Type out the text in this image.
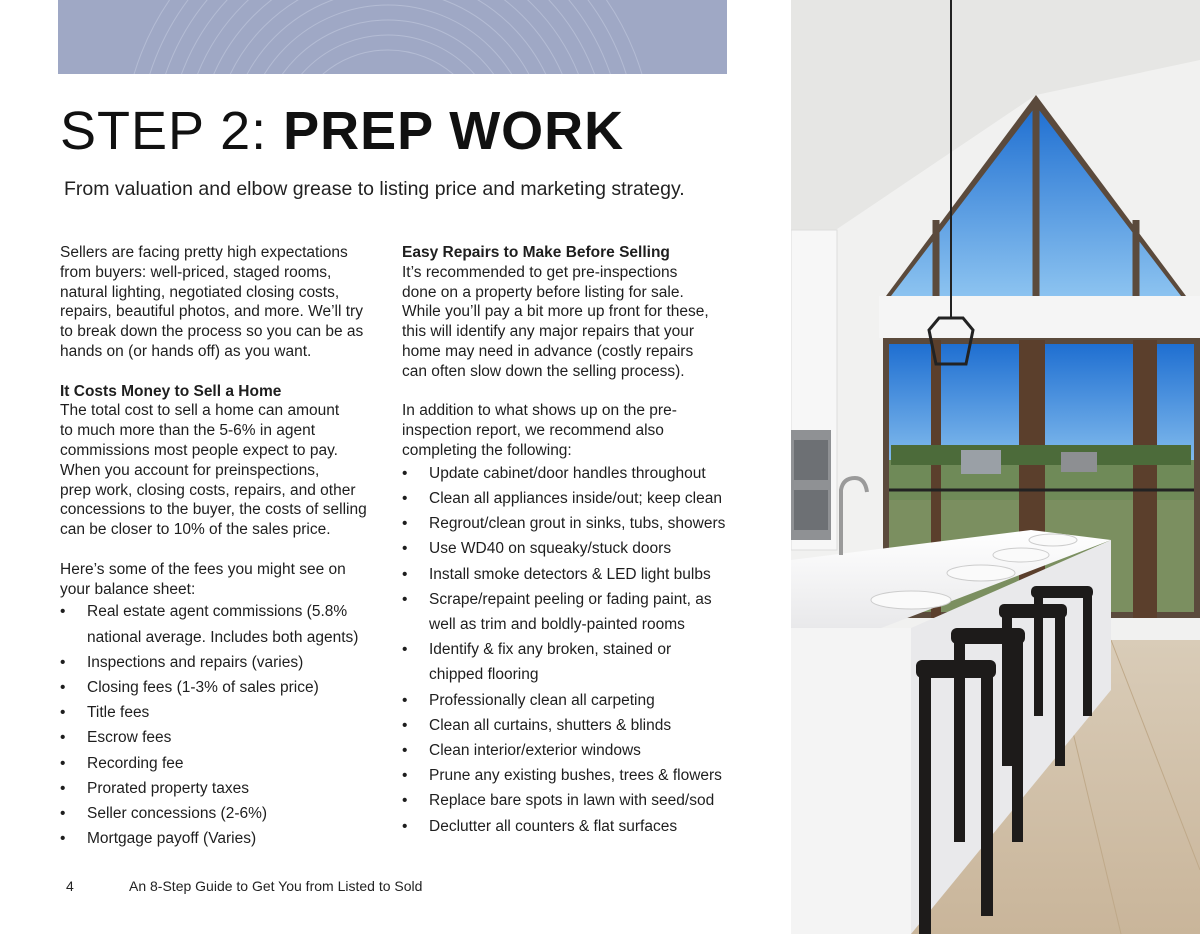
STEP 2: PREP WORK

From valuation and elbow grease to listing price and marketing strategy.

Sellers are facing pretty high expectations
from buyers: well-priced, staged rooms,
natural lighting, negotiated closing costs,
repairs, beautiful photos, and more. We’ll try
to break down the process so you can be as
hands on (or hands off) as you want.

It Costs Money to Sell a Home

The total cost to sell a home can amount
to much more than the 5-6% in agent
commissions most people expect to pay.
When you account for preinspections,
prep work, closing costs, repairs, and other
concessions to the buyer, the costs of selling
can be closer to 10% of the sales price.

Here’s some of the fees you might see on
your balance sheet:

• Real estate agent commissions (5.8%
national average. Includes both agents)
• Inspections and repairs (varies)
• Closing fees (1-3% of sales price)
• Title fees
• Escrow fees
• Recording fee
• Prorated property taxes
• Seller concessions (2-6%)
• Mortgage payoff (Varies)

Easy Repairs to Make Before Selling

It’s recommended to get pre-inspections
done on a property before listing for sale.
While you’ll pay a bit more up front for these,
this will identify any major repairs that your
home may need in advance (costly repairs
can often slow down the selling process).

In addition to what shows up on the pre-
inspection report, we recommend also
completing the following:

• Update cabinet/door handles throughout
• Clean all appliances inside/out; keep clean
• Regrout/clean grout in sinks, tubs, showers
• Use WD40 on squeaky/stuck doors
• Install smoke detectors & LED light bulbs
• Scrape/repaint peeling or fading paint, as
well as trim and boldly-painted rooms
• Identify & fix any broken, stained or
chipped flooring
• Professionally clean all carpeting
• Clean all curtains, shutters & blinds
• Clean interior/exterior windows
• Prune any existing bushes, trees & flowers
• Replace bare spots in lawn with seed/sod
• Declutter all counters & flat surfaces
4	An 8-Step Guide to Get You from Listed to Sold
